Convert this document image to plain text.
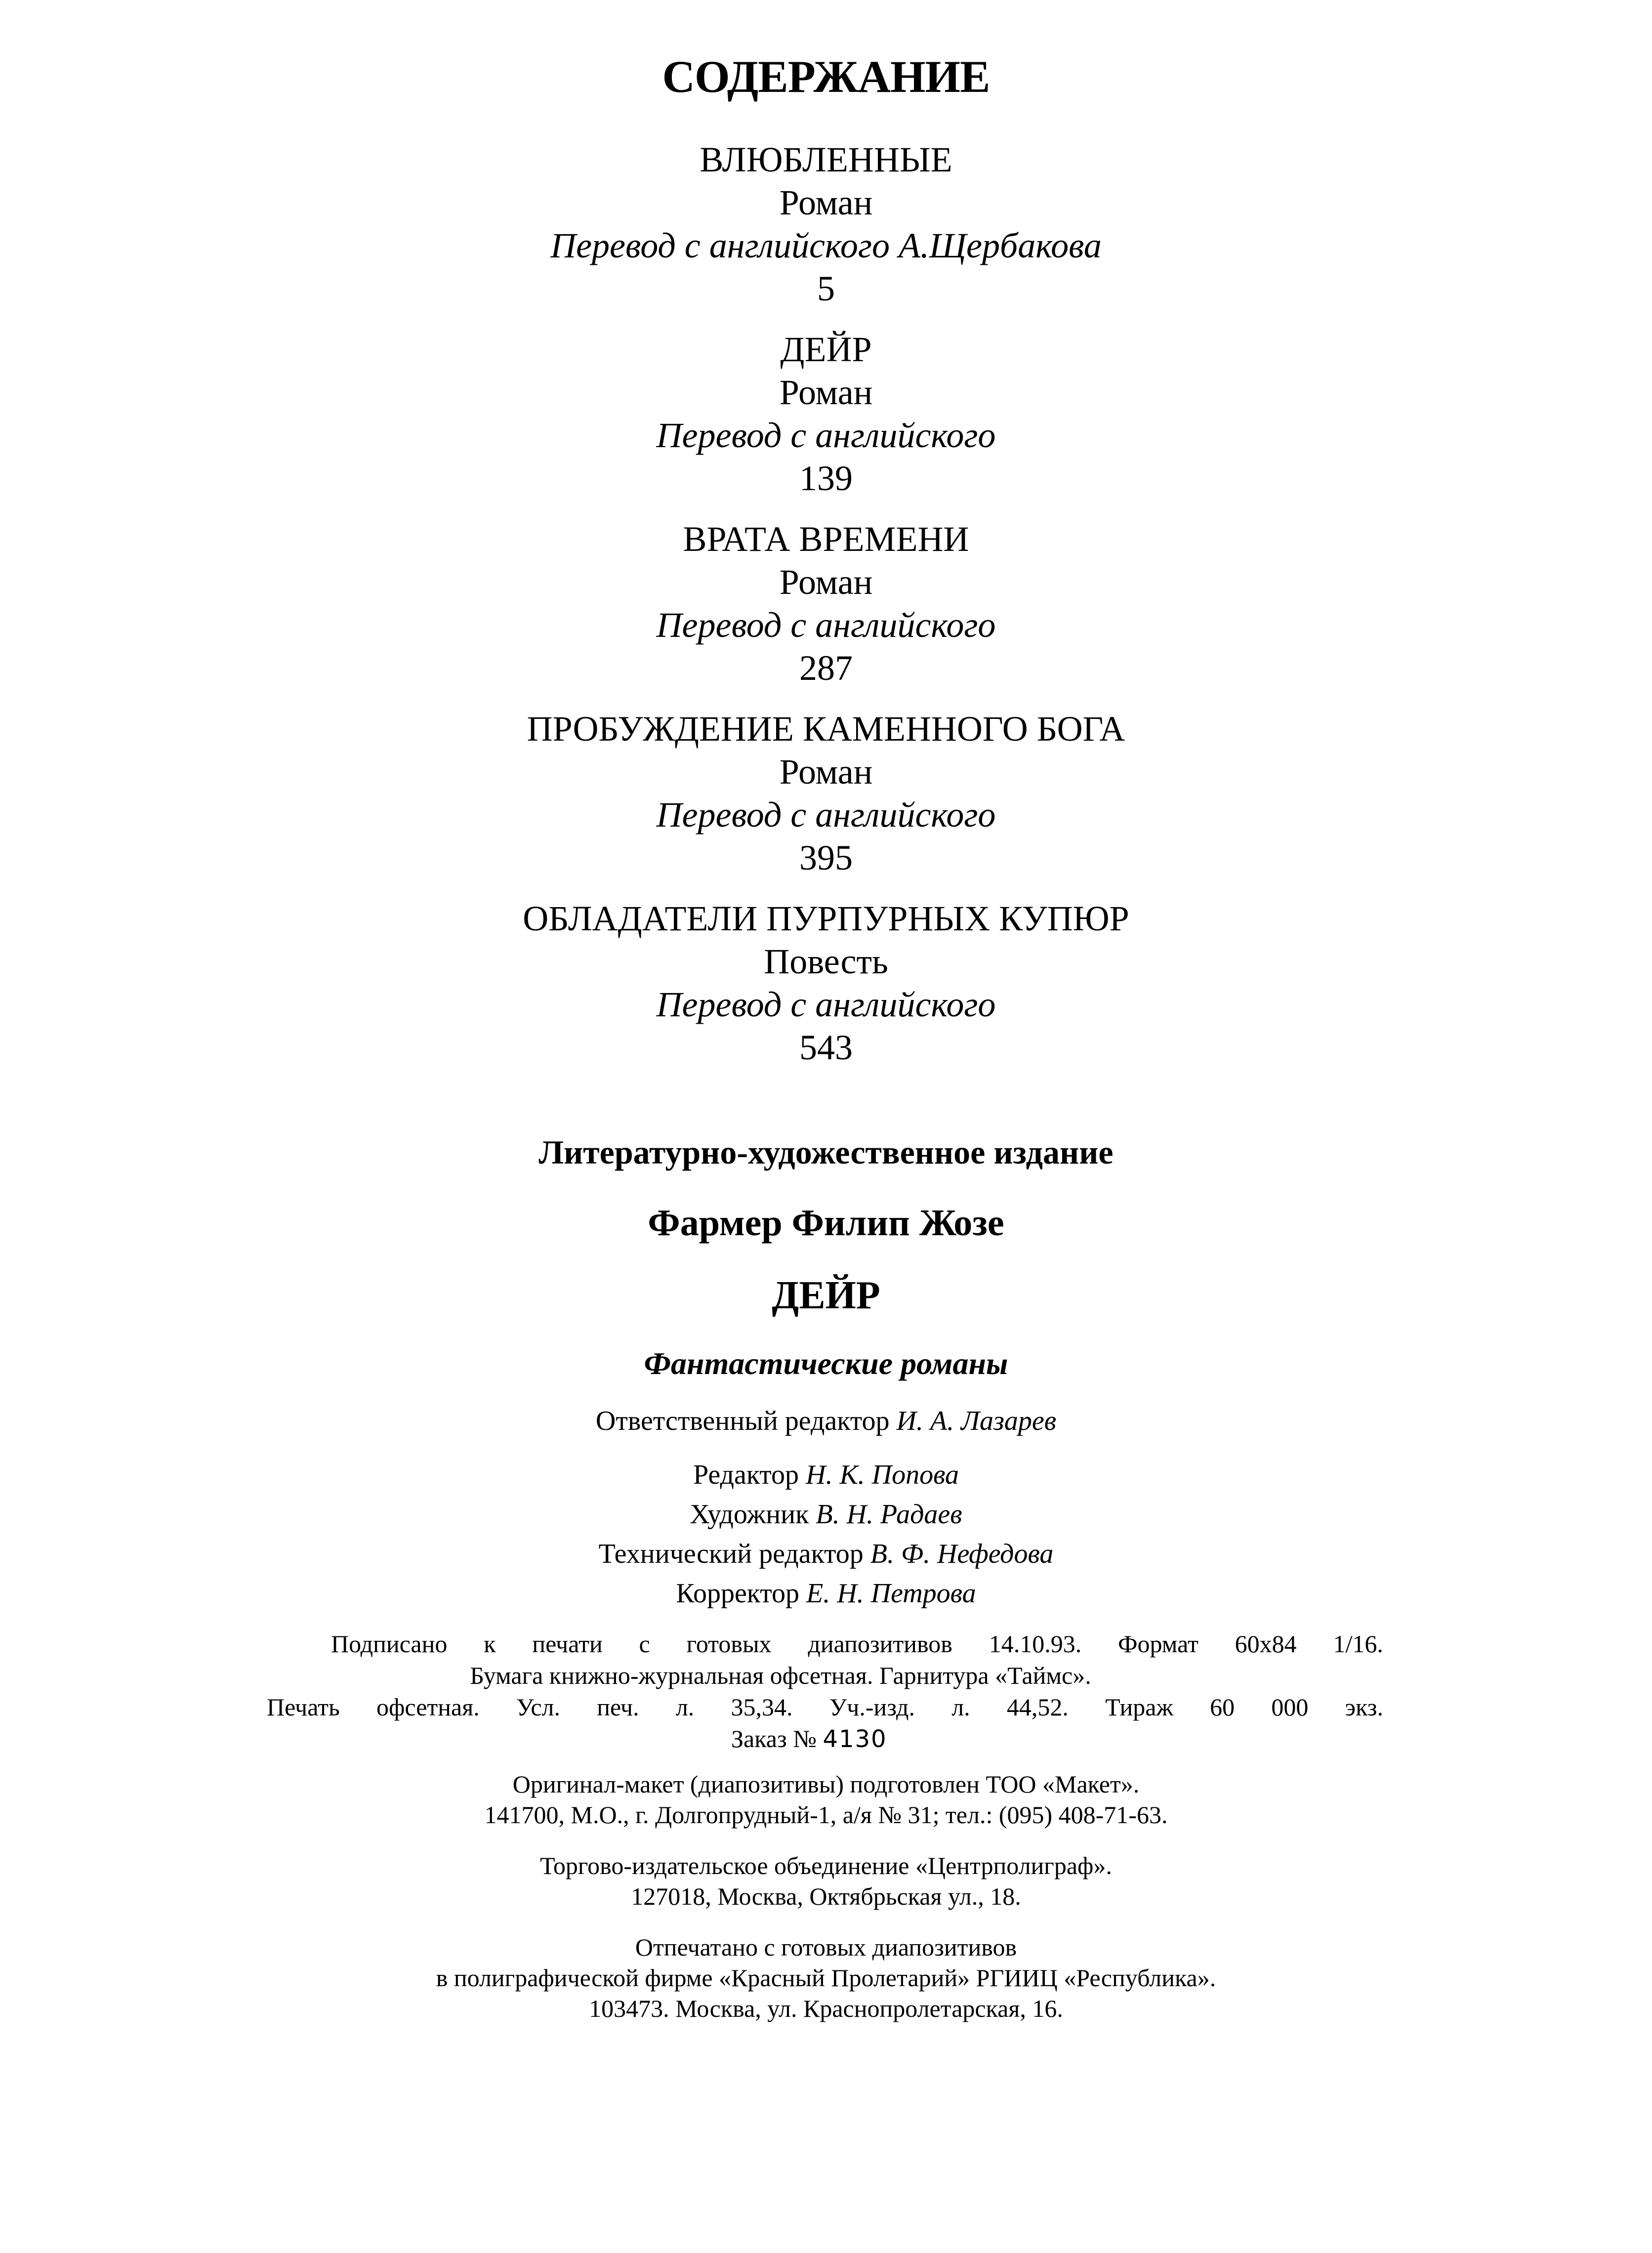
СОДЕРЖАНИЕ
ВЛЮБЛЕННЫЕ
Роман
Перевод с английского А.Щербакова
5
ДЕЙР
Роман
Перевод с английского
139
ВРАТА ВРЕМЕНИ
Роман
Перевод с английского
287
ПРОБУЖДЕНИЕ КАМЕННОГО БОГА
Роман
Перевод с английского
395
ОБЛАДАТЕЛИ ПУРПУРНЫХ КУПЮР
Повесть
Перевод с английского
543
Литературно-художественное издание
Фармер Филип Жозе
ДЕЙР
Фантастические романы
Ответственный редактор И. А. Лазарев
Редактор Н. К. Попова
Художник В. Н. Радаев
Технический редактор В. Ф. Нефедова
Корректор Е. Н. Петрова
Подписано к печати с готовых диапозитивов 14.10.93. Формат 60x84 1/16.
Бумага книжно-журнальная офсетная. Гарнитура «Таймс».
Печать офсетная. Усл. печ. л. 35,34. Уч.-изд. л. 44,52. Тираж 60 000 экз.
Заказ № 4130
Оригинал-макет (диапозитивы) подготовлен ТОО «Макет».
141700, М.О., г. Долгопрудный-1, а/я № 31; тел.: (095) 408-71-63.
Торгово-издательское объединение «Центрполиграф».
127018, Москва, Октябрьская ул., 18.
Отпечатано с готовых диапозитивов
в полиграфической фирме «Красный Пролетарий» РГИИЦ «Республика».
103473. Москва, ул. Краснопролетарская, 16.
